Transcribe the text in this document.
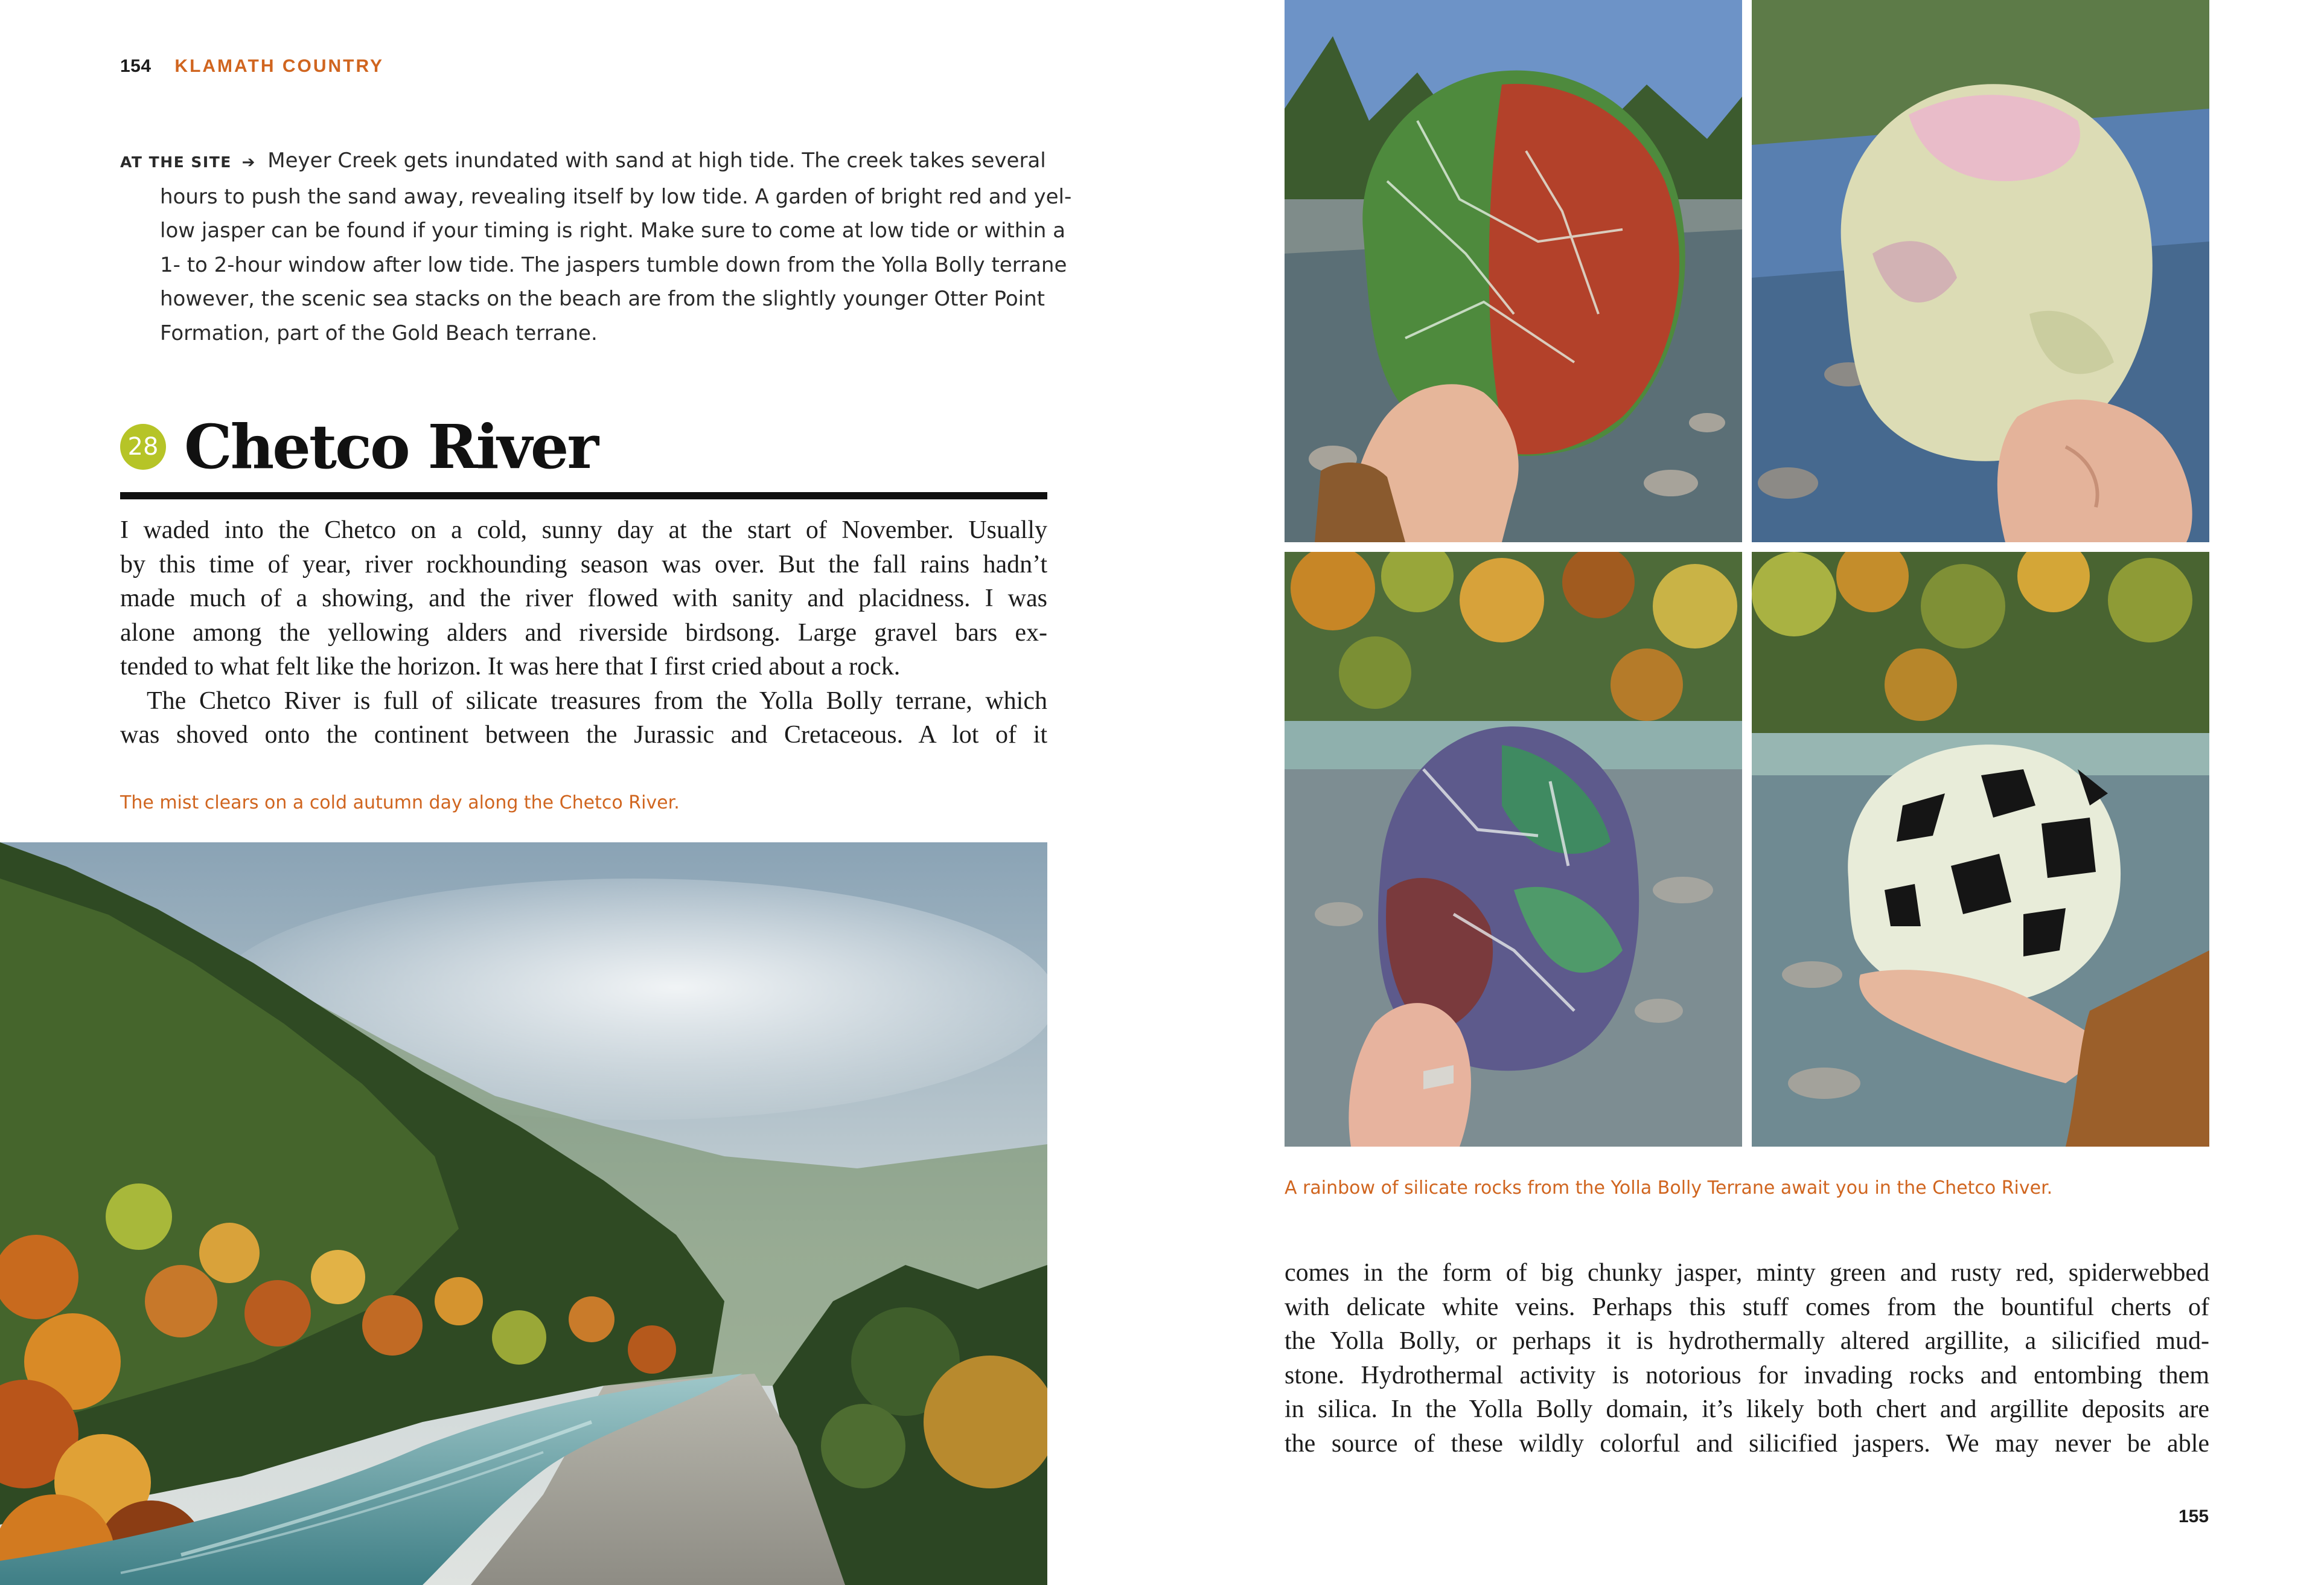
154 KLAMATH COUNTRY
AT THE SITE ➔ Meyer Creek gets inundated with sand at high tide. The creek takes several
hours to push the sand away, revealing itself by low tide. A garden of bright red and yel-
low jasper can be found if your timing is right. Make sure to come at low tide or within a
1- to 2-hour window after low tide. The jaspers tumble down from the Yolla Bolly terrane
however, the scenic sea stacks on the beach are from the slightly younger Otter Point
Formation, part of the Gold Beach terrane.
28 Chetco River
I waded into the Chetco on a cold, sunny day at the start of November. Usually
by this time of year, river rockhounding season was over. But the fall rains hadn’t
made much of a showing, and the river flowed with sanity and placidness. I was
alone among the yellowing alders and riverside birdsong. Large gravel bars ex-
tended to what felt like the horizon. It was here that I first cried about a rock.
The Chetco River is full of silicate treasures from the Yolla Bolly terrane, which
was shoved onto the continent between the Jurassic and Cretaceous. A lot of it
The mist clears on a cold autumn day along the Chetco River.
A rainbow of silicate rocks from the Yolla Bolly Terrane await you in the Chetco River.
comes in the form of big chunky jasper, minty green and rusty red, spiderwebbed
with delicate white veins. Perhaps this stuff comes from the bountiful cherts of
the Yolla Bolly, or perhaps it is hydrothermally altered argillite, a silicified mud-
stone. Hydrothermal activity is notorious for invading rocks and entombing them
in silica. In the Yolla Bolly domain, it’s likely both chert and argillite deposits are
the source of these wildly colorful and silicified jaspers. We may never be able
155
